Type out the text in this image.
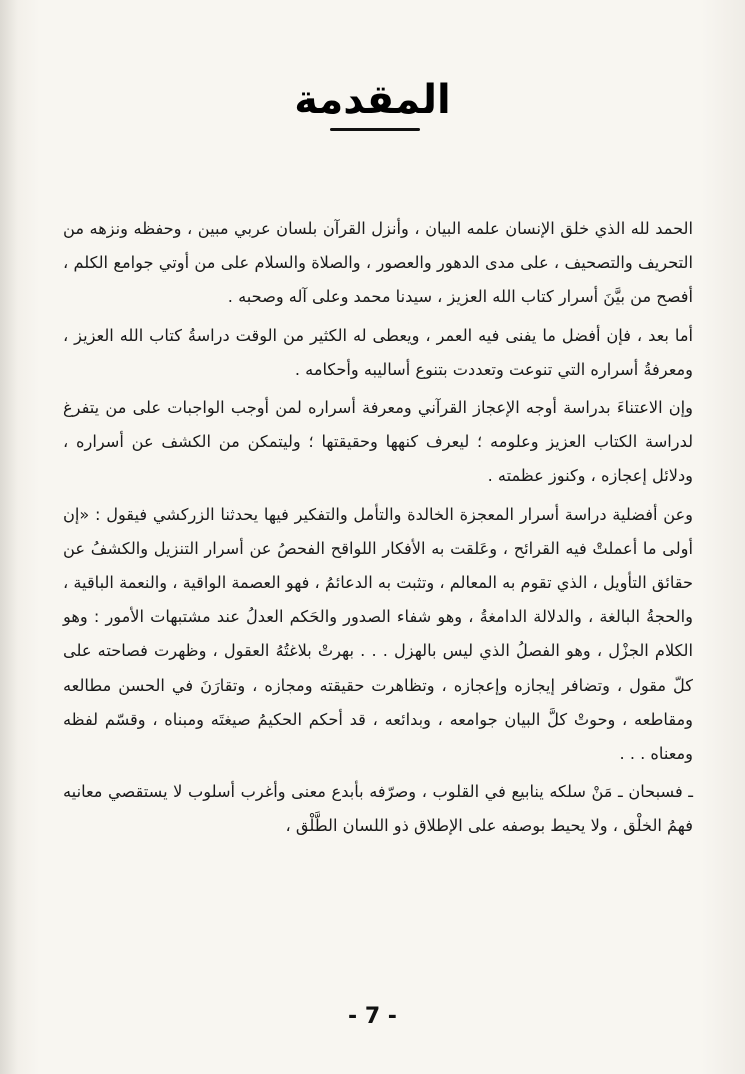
المقدمة

الحمد لله الذي خلق الإنسان علمه البيان ، وأنزل القرآن بلسان عربي مبين ، وحفظه ونزهه من التحريف والتصحيف ، على مدى الدهور والعصور ، والصلاة والسلام على من أوتي جوامع الكلم ، أفصح من بيَّنَ أسرار كتاب الله العزيز ، سيدنا محمد وعلى آله وصحبه .

أما بعد ، فإن أفضل ما يفنى فيه العمر ، ويعطى له الكثير من الوقت دراسةُ كتاب الله العزيز ، ومعرفةُ أسراره التي تنوعت وتعددت بتنوع أساليبه وأحكامه .

وإن الاعتناءَ بدراسة أوجه الإعجاز القرآني ومعرفة أسراره لمن أوجب الواجبات على من يتفرغ لدراسة الكتاب العزيز وعلومه ؛ ليعرف كنهها وحقيقتها ؛ وليتمكن من الكشف عن أسراره ، ودلائل إعجازه ، وكنوز عظمته .

وعن أفضلية دراسة أسرار المعجزة الخالدة والتأمل والتفكير فيها يحدثنا الزركشي فيقول : «إن أولى ما أعملتْ فيه القرائح ، وعَلقت به الأفكار اللواقح الفحصُ عن أسرار التنزيل والكشفُ عن حقائق التأويل ، الذي تقوم به المعالم ، وتثبت به الدعائمُ ، فهو العصمة الواقية ، والنعمة الباقية ، والحجةُ البالغة ، والدلالة الدامغةُ ، وهو شفاء الصدور والحَكم العدلُ عند مشتبهات الأمور : وهو الكلام الجزْل ، وهو الفصلُ الذي ليس بالهزل . . . بهرتْ بلاغتُهُ العقول ، وظهرت فصاحته على كلّ مقول ، وتضافر إيجازه وإعجازه ، وتظاهرت حقيقته ومجازه ، وتقارَنَ في الحسن مطالعه ومقاطعه ، وحوتْ كلَّ البيان جوامعه ، وبدائعه ، قد أحكم الحكيمُ صيغتَه ومبناه ، وقسّم لفظه ومعناه . . .

ـ فسبحان ـ مَنْ سلكه ينابيع في القلوب ، وصرّفه بأبدع معنى وأغرب أسلوب لا يستقصي معانيه فهمُ الخلْق ، ولا يحيط بوصفه على الإطلاق ذو اللسان الطَّلْق ،

- 7 -
